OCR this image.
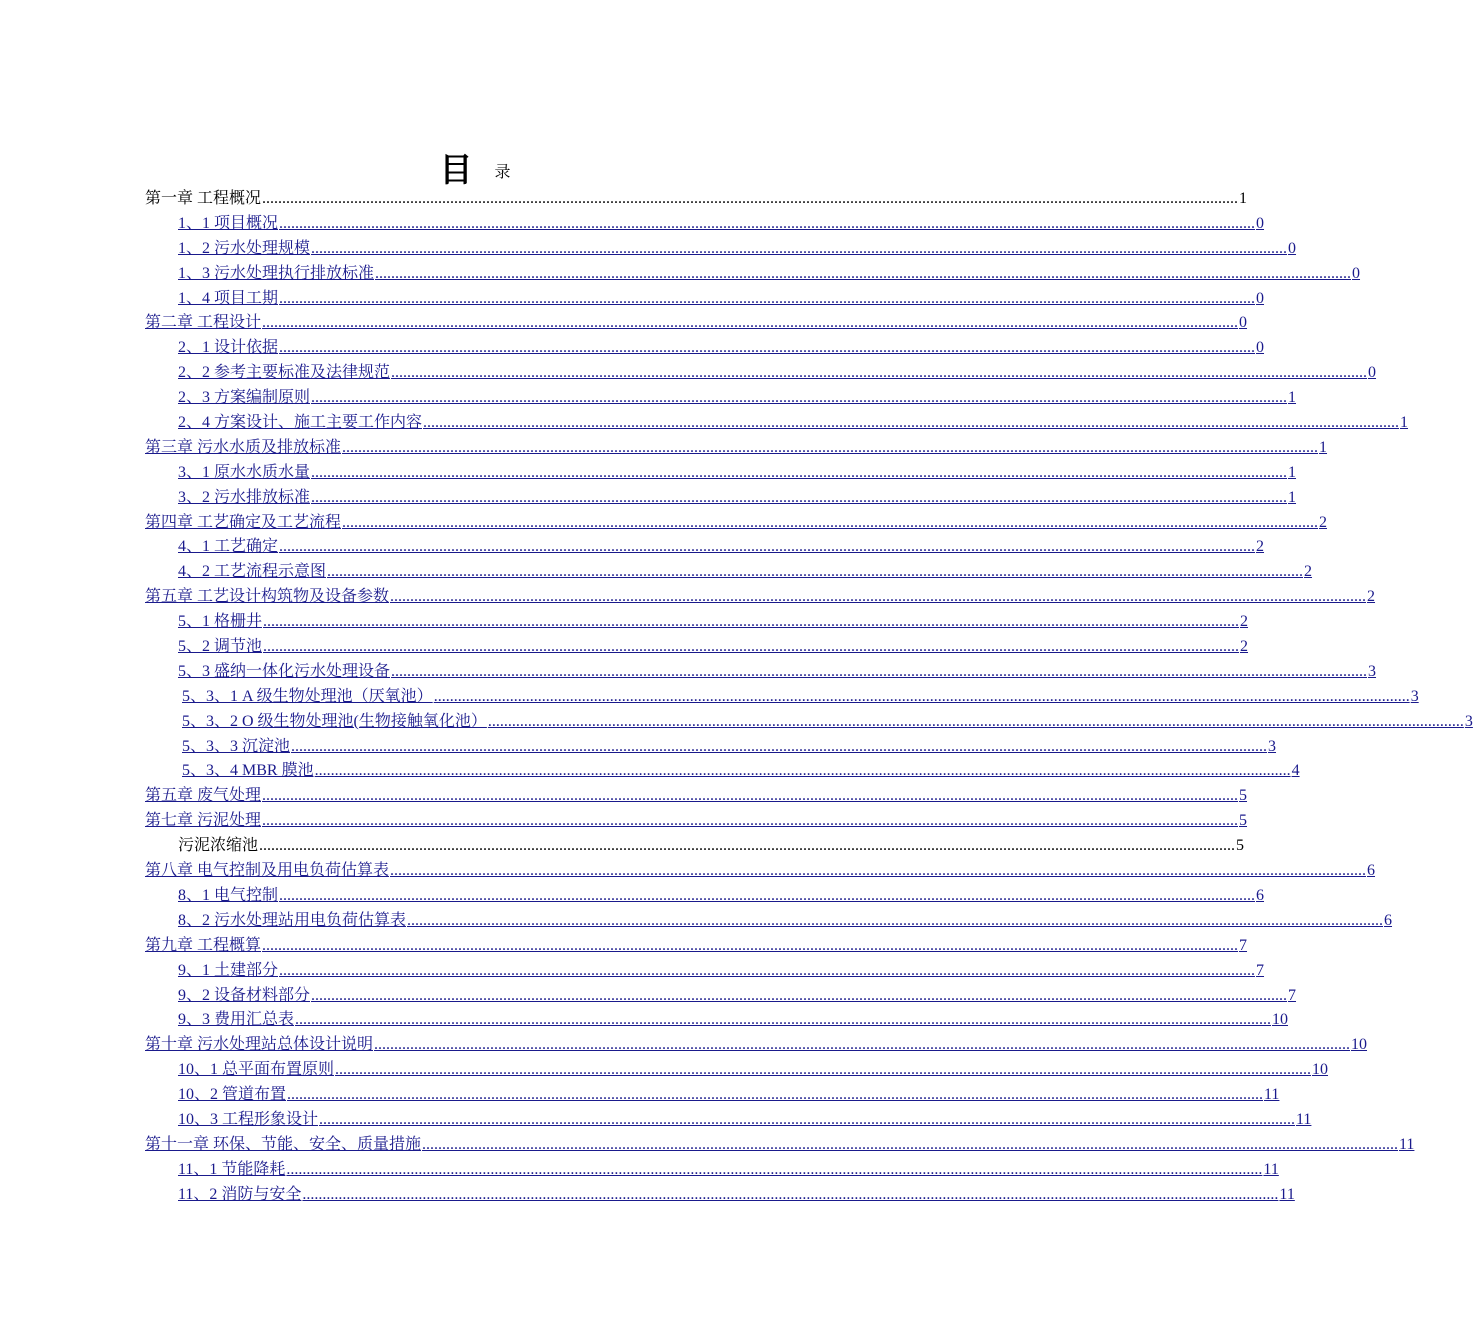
目 录
第一章 工程概况 .....	1
1、1 项目概况 .....	0
1、2 污水处理规模 .....	0
1、3 污水处理执行排放标准 .....	0
1、4 项目工期 .....	0
第二章 工程设计 .....	0
2、1 设计依据 .....	0
2、2 参考主要标准及法律规范 .....	0
2、3 方案编制原则 .....	1
2、4 方案设计、施工主要工作内容 .....	1
第三章 污水水质及排放标准 .....	1
3、1 原水水质水量 .....	1
3、2 污水排放标准 .....	1
第四章 工艺确定及工艺流程 .....	2
4、1 工艺确定 .....	2
4、2 工艺流程示意图 .....	2
第五章 工艺设计构筑物及设备参数 .....	2
5、1 格栅井 .....	2
5、2 调节池 .....	2
5、3 盛纳一体化污水处理设备 .....	3
5、3、1 A 级生物处理池（厌氧池） .....	3
5、3、2 O 级生物处理池(生物接触氧化池） .....	3
5、3、3 沉淀池 .....	3
5、3、4 MBR 膜池 .....	4
第五章 废气处理 .....	5
第七章 污泥处理 .....	5
污泥浓缩池 .....	5
第八章 电气控制及用电负荷估算表 .....	6
8、1 电气控制 .....	6
8、2 污水处理站用电负荷估算表 .....	6
第九章 工程概算 .....	7
9、1 土建部分 .....	7
9、2 设备材料部分 .....	7
9、3 费用汇总表 .....	10
第十章 污水处理站总体设计说明 .....	10
10、1 总平面布置原则 .....	10
10、2 管道布置 .....	11
10、3 工程形象设计 .....	11
第十一章 环保、节能、安全、质量措施 .....	11
11、1 节能降耗 .....	11
11、2 消防与安全 .....	11
